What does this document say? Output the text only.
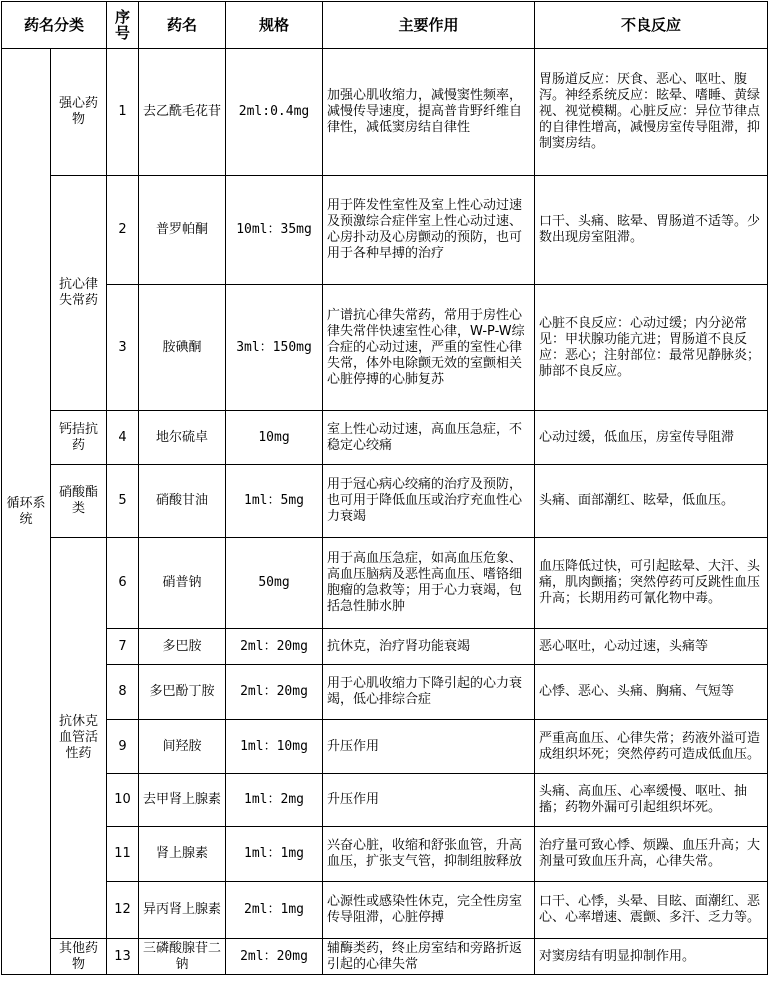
药名分类		序号	药名	规格	主要作用	不良反应
循环系统	强心药物	1	去乙酰毛花苷	2ml:0.4mg	加强心肌收缩力，减慢窦性频率，减慢传导速度，提高普肯野纤维自律性，减低窦房结自律性	胃肠道反应：厌食、恶心、呕吐、腹泻。神经系统反应：眩晕、嗜睡、黄绿视、视觉模糊。心脏反应：异位节律点的自律性增高，减慢房室传导阻滞，抑制窦房结。
	抗心律失常药	2	普罗帕酮	10ml：35mg	用于阵发性室性及室上性心动过速及预激综合症伴室上性心动过速、心房扑动及心房颤动的预防，也可用于各种早搏的治疗	口干、头痛、眩晕、胃肠道不适等。少数出现房室阻滞。
		3	胺碘酮	3ml：150mg	广谱抗心律失常药，常用于房性心律失常伴快速室性心律，W-P-W综合症的心动过速，严重的室性心律失常，体外电除颤无效的室颤相关心脏停搏的心肺复苏	心脏不良反应：心动过缓；内分泌常见：甲状腺功能亢进；胃肠道不良反应：恶心；注射部位：最常见静脉炎；肺部不良反应。
	钙拮抗药	4	地尔硫卓	10mg	室上性心动过速，高血压急症，不稳定心绞痛	心动过缓，低血压，房室传导阻滞
	硝酸酯类	5	硝酸甘油	1ml：5mg	用于冠心病心绞痛的治疗及预防，也可用于降低血压或治疗充血性心力衰竭	头痛、面部潮红、眩晕，低血压。
	抗休克血管活性药	6	硝普钠	50mg	用于高血压急症，如高血压危象、高血压脑病及恶性高血压、嗜铬细胞瘤的急救等；用于心力衰竭，包括急性肺水肿	血压降低过快，可引起眩晕、大汗、头痛，肌肉颤搐；突然停药可反跳性血压升高；长期用药可氰化物中毒。
		7	多巴胺	2ml：20mg	抗休克，治疗肾功能衰竭	恶心呕吐，心动过速，头痛等
		8	多巴酚丁胺	2ml：20mg	用于心肌收缩力下降引起的心力衰竭，低心排综合症	心悸、恶心、头痛、胸痛、气短等
		9	间羟胺	1ml：10mg	升压作用	严重高血压、心律失常；药液外溢可造成组织坏死；突然停药可造成低血压。
		10	去甲肾上腺素	1ml：2mg	升压作用	头痛、高血压、心率缓慢、呕吐、抽搐；药物外漏可引起组织坏死。
		11	肾上腺素	1ml：1mg	兴奋心脏，收缩和舒张血管，升高血压，扩张支气管，抑制组胺释放	治疗量可致心悸、烦躁、血压升高；大剂量可致血压升高，心律失常。
		12	异丙肾上腺素	2ml：1mg	心源性或感染性休克，完全性房室传导阻滞，心脏停搏	口干、心悸，头晕、目眩、面潮红、恶心、心率增速、震颤、多汗、乏力等。
	其他药物	13	三磷酸腺苷二钠	2ml：20mg	辅酶类药，终止房室结和旁路折返引起的心律失常	对窦房结有明显抑制作用。
